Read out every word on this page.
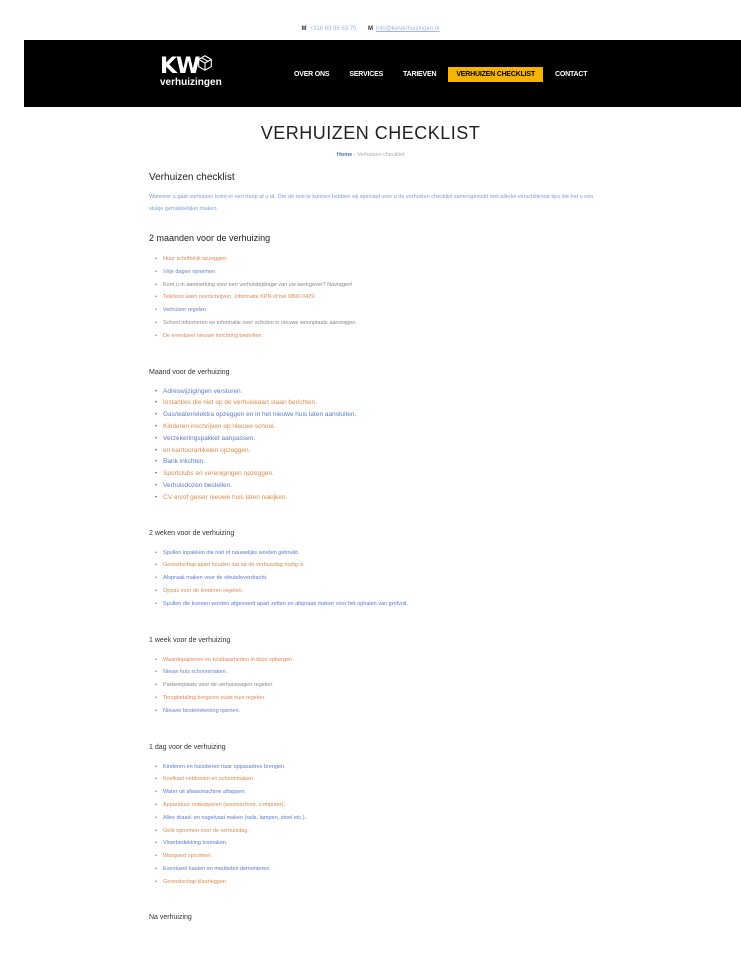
M +316 83 96 63 70 M info@kwverhuizingen.nl
KW
verhuizingen
OVER ONS	SERVICES	TARIEVEN	VERHUIZEN CHECKLIST	CONTACT
VERHUIZEN CHECKLIST
Home › Verhuizen checklist
Verhuizen checklist

Wanneer u gaat verhuizen komt er een hoop af u af. Om de rest te kunnen hebben wij speciaal voor u de verhuizen checklist samengesteld met allerlei verschillende tips die het u een stukje gemakkelijker maken.

2 maanden voor de verhuizing
• Huur schriftelijk opzeggen.
• Vrije dagen opnemen.
• Kom u in aanmerking voor een verhuisbijdrage van uw werkgever? Navragen!
• Telefoon laten overschrijven. Informatie KPN of bel 0800-0429.
• Verhuizer regelen.
• School informeren en informatie over scholen in nieuwe woonplaats aanvragen.
• De eventueel nieuwe inrichting bestellen.
Maand voor de verhuizing
• Adreswijzigingen versturen.
• Instanties die niet op de verhuiskaart staan berichten.
• Gas/water/elektra opzeggen en in het nieuwe huis laten aansluiten.
• Kinderen inschrijven op nieuwe school.
• Verzekeringspakket aanpassen.
• en kantoorartikelen opzeggen.
• Bank inlichten.
• Sportclubs en verenigingen opzeggen.
• Verhuisdozen bestellen.
• CV en/of geiser nieuwe huis laten nakijken.
2 weken voor de verhuizing
• Spullen inpakken die niet of nauwelijks worden gebruikt.
• Gereedschap apart houden dat op de verhuisdag nodig is.
• Afspraak maken voor de sleuteloverdracht.
• Oppas voor de kinderen regelen.
• Spullen die kunnen worden afgevoerd apart zetten en afspraak maken voor het ophalen van grofvuil.
1 week voor de verhuizing
• Waardepapieren en kostbaarheden in kluis opbergen.
• Nieuw huis schoonmaken.
• Parkeerplaats voor de verhuiswagen regelen.
• Terugbetaling borgsom oude huis regelen.
• Nieuwe bestelrekening openen.
1 dag voor de verhuizing
• Kinderen en huisdieren naar oppasadres brengen.
• Koelkast ontdooien en schoonmaken.
• Water uit afwasmachine aftappen.
• Apparatuur ontkoppelen (wasmachine, computer).
• Alles draad- en nagelvast maken (rails, lampen, stoel etc.).
• Geld opnemen voor de verhuisdag.
• Vloerbedekking losmaken.
• Wasgoed opruimen.
• Eventueel kasten en meubelen demonteren.
• Gereedschap klaarleggen.
Na verhuizing
